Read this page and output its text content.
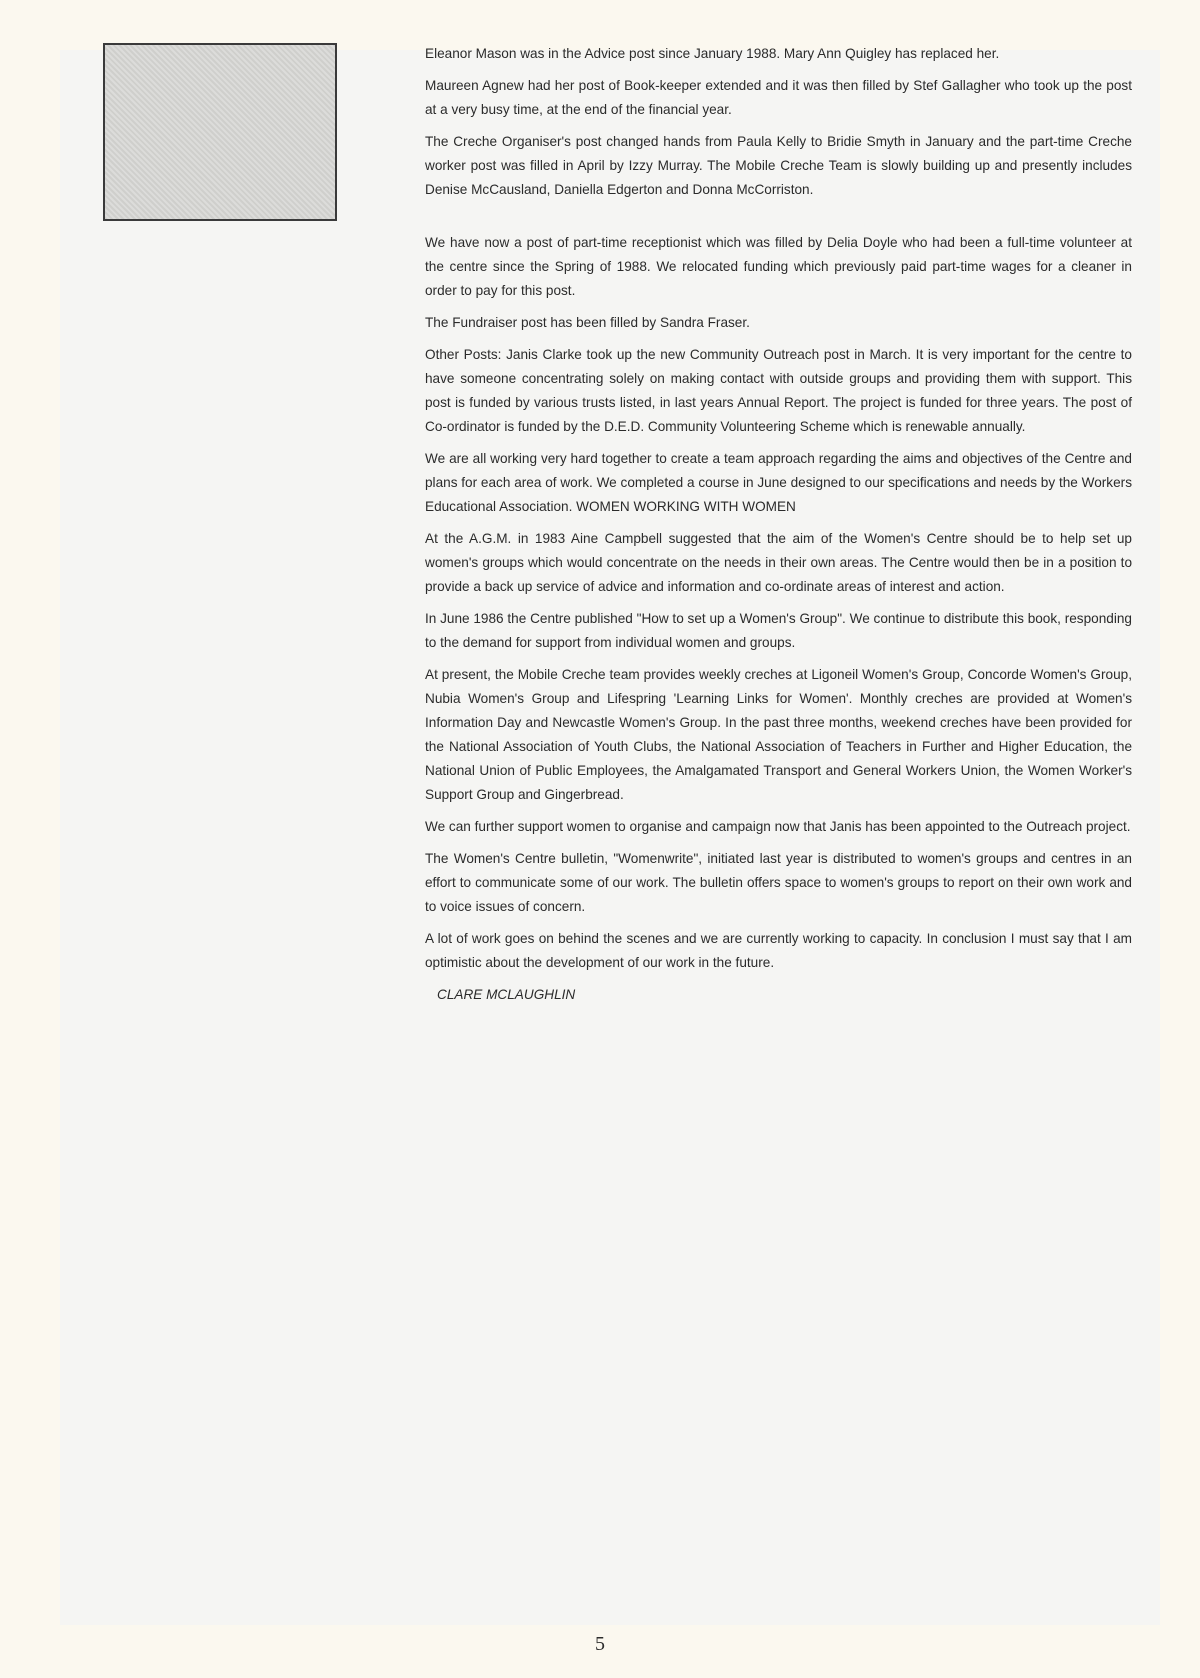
Eleanor Mason was in the Advice post since January 1988. Mary Ann Quigley has replaced her.

Maureen Agnew had her post of Book-keeper extended and it was then filled by Stef Gallagher who took up the post at a very busy time, at the end of the financial year.

The Creche Organiser's post changed hands from Paula Kelly to Bridie Smyth in January and the part-time Creche worker post was filled in April by Izzy Murray. The Mobile Creche Team is slowly building up and presently includes Denise McCausland, Daniella Edgerton and Donna McCorriston.

We have now a post of part-time receptionist which was filled by Delia Doyle who had been a full-time volunteer at the centre since the Spring of 1988. We relocated funding which previously paid part-time wages for a cleaner in order to pay for this post.

The Fundraiser post has been filled by Sandra Fraser.

Other Posts: Janis Clarke took up the new Community Outreach post in March. It is very important for the centre to have someone concentrating solely on making contact with outside groups and providing them with support. This post is funded by various trusts listed, in last years Annual Report. The project is funded for three years. The post of Co-ordinator is funded by the D.E.D. Community Volunteering Scheme which is renewable annually.

We are all working very hard together to create a team approach regarding the aims and objectives of the Centre and plans for each area of work. We completed a course in June designed to our specifications and needs by the Workers Educational Association. WOMEN WORKING WITH WOMEN

At the A.G.M. in 1983 Aine Campbell suggested that the aim of the Women's Centre should be to help set up women's groups which would concentrate on the needs in their own areas. The Centre would then be in a position to provide a back up service of advice and information and co-ordinate areas of interest and action.

In June 1986 the Centre published "How to set up a Women's Group". We continue to distribute this book, responding to the demand for support from individual women and groups.

At present, the Mobile Creche team provides weekly creches at Ligoneil Women's Group, Concorde Women's Group, Nubia Women's Group and Lifespring 'Learning Links for Women'. Monthly creches are provided at Women's Information Day and Newcastle Women's Group. In the past three months, weekend creches have been provided for the National Association of Youth Clubs, the National Association of Teachers in Further and Higher Education, the National Union of Public Employees, the Amalgamated Transport and General Workers Union, the Women Worker's Support Group and Gingerbread.

We can further support women to organise and campaign now that Janis has been appointed to the Outreach project.

The Women's Centre bulletin, "Womenwrite", initiated last year is distributed to women's groups and centres in an effort to communicate some of our work. The bulletin offers space to women's groups to report on their own work and to voice issues of concern.

A lot of work goes on behind the scenes and we are currently working to capacity. In conclusion I must say that I am optimistic about the development of our work in the future.

CLARE MCLAUGHLIN
5
